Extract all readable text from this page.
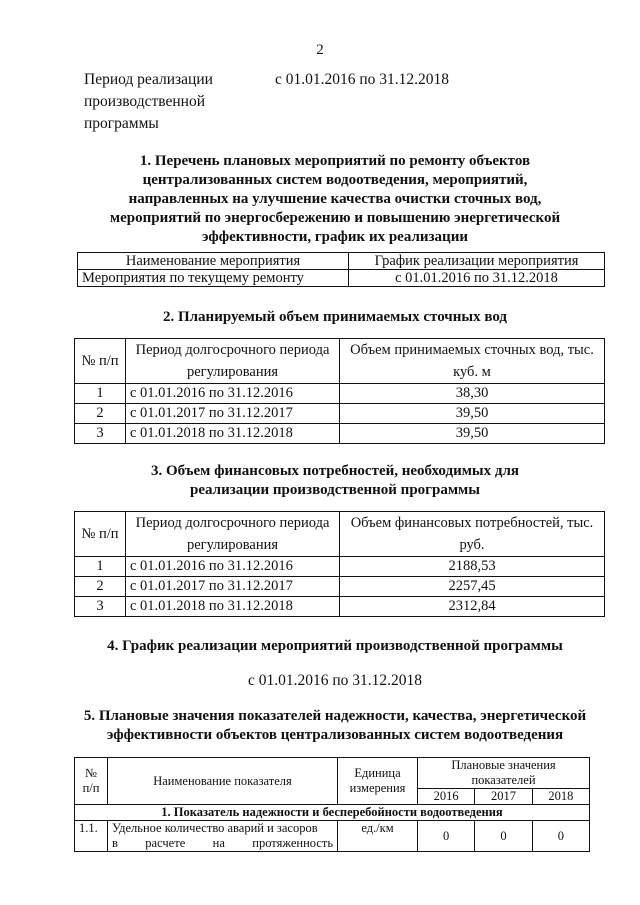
2
Период реализации
производственной
программы
с 01.01.2016 по 31.12.2018
1. Перечень плановых мероприятий по ремонту объектов
централизованных систем водоотведения, мероприятий,
направленных на улучшение качества очистки сточных вод,
мероприятий по энергосбережению и повышению энергетической
эффективности, график их реализации
Наименование мероприятия	График реализации мероприятия
Мероприятия по текущему ремонту	с 01.01.2016 по 31.12.2018
2. Планируемый объем принимаемых сточных вод
№ п/п	Период долгосрочного периода регулирования	Объем принимаемых сточных вод, тыс. куб. м
1	с 01.01.2016 по 31.12.2016	38,30
2	с 01.01.2017 по 31.12.2017	39,50
3	с 01.01.2018 по 31.12.2018	39,50
3. Объем финансовых потребностей, необходимых для
реализации производственной программы
№ п/п	Период долгосрочного периода регулирования	Объем финансовых потребностей, тыс. руб.
1	с 01.01.2016 по 31.12.2016	2188,53
2	с 01.01.2017 по 31.12.2017	2257,45
3	с 01.01.2018 по 31.12.2018	2312,84
4. График реализации мероприятий производственной программы
с 01.01.2016 по 31.12.2018
5. Плановые значения показателей надежности, качества, энергетической
эффективности объектов централизованных систем водоотведения
№ п/п	Наименование показателя	Единица измерения	Плановые значения показателей		
			2016	2017	2018
1. Показатель надежности и бесперебойности водоотведения					
1.1.	Удельное количество аварий и засоров
в расчете на протяженность	ед./км	0	0	0
